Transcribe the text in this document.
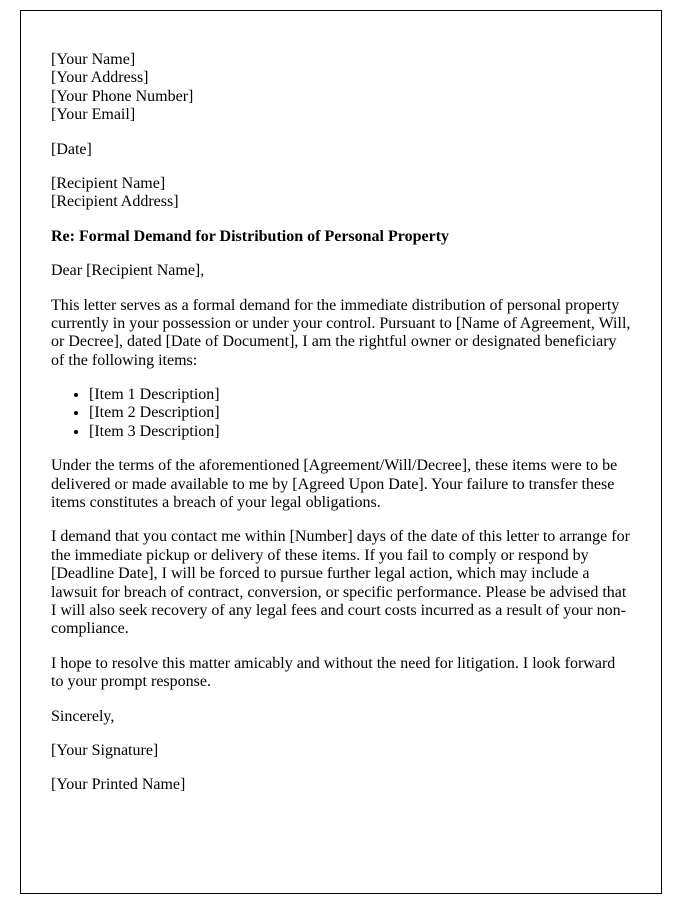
[Your Name]
[Your Address]
[Your Phone Number]
[Your Email]

[Date]

[Recipient Name]
[Recipient Address]

Re: Formal Demand for Distribution of Personal Property

Dear [Recipient Name],

This letter serves as a formal demand for the immediate distribution of personal property currently in your possession or under your control. Pursuant to [Name of Agreement, Will, or Decree], dated [Date of Document], I am the rightful owner or designated beneficiary of the following items:

• [Item 1 Description]
• [Item 2 Description]
• [Item 3 Description]

Under the terms of the aforementioned [Agreement/Will/Decree], these items were to be delivered or made available to me by [Agreed Upon Date]. Your failure to transfer these items constitutes a breach of your legal obligations.

I demand that you contact me within [Number] days of the date of this letter to arrange for the immediate pickup or delivery of these items. If you fail to comply or respond by [Deadline Date], I will be forced to pursue further legal action, which may include a lawsuit for breach of contract, conversion, or specific performance. Please be advised that I will also seek recovery of any legal fees and court costs incurred as a result of your non-compliance.

I hope to resolve this matter amicably and without the need for litigation. I look forward to your prompt response.

Sincerely,

[Your Signature]

[Your Printed Name]
